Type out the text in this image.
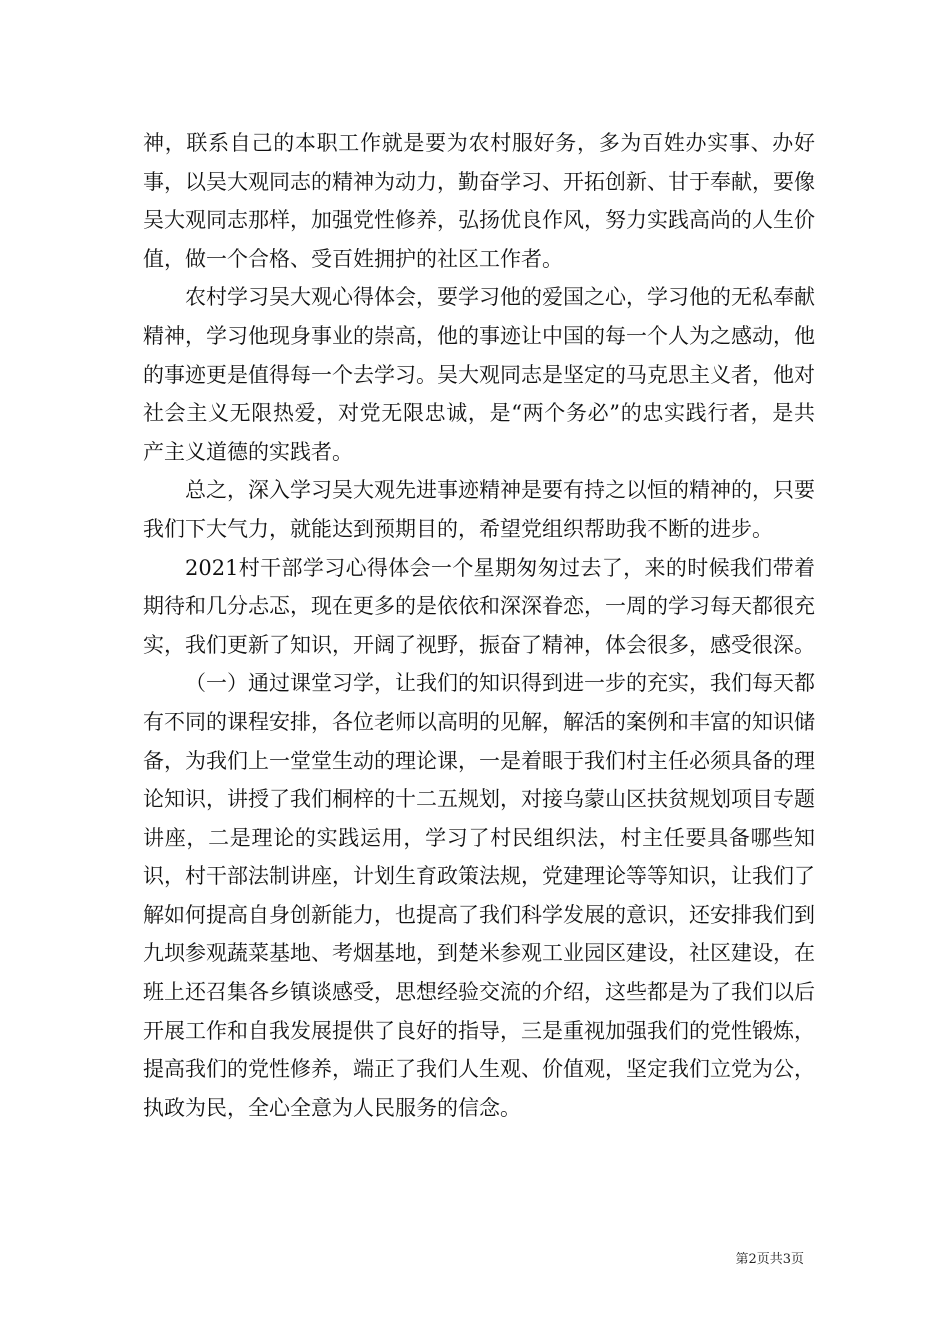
神，联系自己的本职工作就是要为农村服好务，多为百姓办实事、办好事，以吴大观同志的精神为动力，勤奋学习、开拓创新、甘于奉献，要像吴大观同志那样，加强党性修养，弘扬优良作风，努力实践高尚的人生价值，做一个合格、受百姓拥护的社区工作者。

农村学习吴大观心得体会，要学习他的爱国之心，学习他的无私奉献精神，学习他现身事业的崇高，他的事迹让中国的每一个人为之感动，他的事迹更是值得每一个去学习。吴大观同志是坚定的马克思主义者，他对社会主义无限热爱，对党无限忠诚，是“两个务必”的忠实践行者，是共产主义道德的实践者。

总之，深入学习吴大观先进事迹精神是要有持之以恒的精神的，只要我们下大气力，就能达到预期目的，希望党组织帮助我不断的进步。

2021村干部学习心得体会一个星期匆匆过去了，来的时候我们带着期待和几分忐忑，现在更多的是依依和深深眷恋，一周的学习每天都很充实，我们更新了知识，开阔了视野，振奋了精神，体会很多，感受很深。

（一）通过课堂习学，让我们的知识得到进一步的充实，我们每天都有不同的课程安排，各位老师以高明的见解，解活的案例和丰富的知识储备，为我们上一堂堂生动的理论课，一是着眼于我们村主任必须具备的理论知识，讲授了我们桐梓的十二五规划，对接乌蒙山区扶贫规划项目专题讲座，二是理论的实践运用，学习了村民组织法，村主任要具备哪些知识，村干部法制讲座，计划生育政策法规，党建理论等等知识，让我们了解如何提高自身创新能力，也提高了我们科学发展的意识，还安排我们到九坝参观蔬菜基地、考烟基地，到楚米参观工业园区建设，社区建设，在班上还召集各乡镇谈感受，思想经验交流的介绍，这些都是为了我们以后开展工作和自我发展提供了良好的指导，三是重视加强我们的党性锻炼，提高我们的党性修养，端正了我们人生观、价值观，坚定我们立党为公，执政为民，全心全意为人民服务的信念。

第2页共3页
